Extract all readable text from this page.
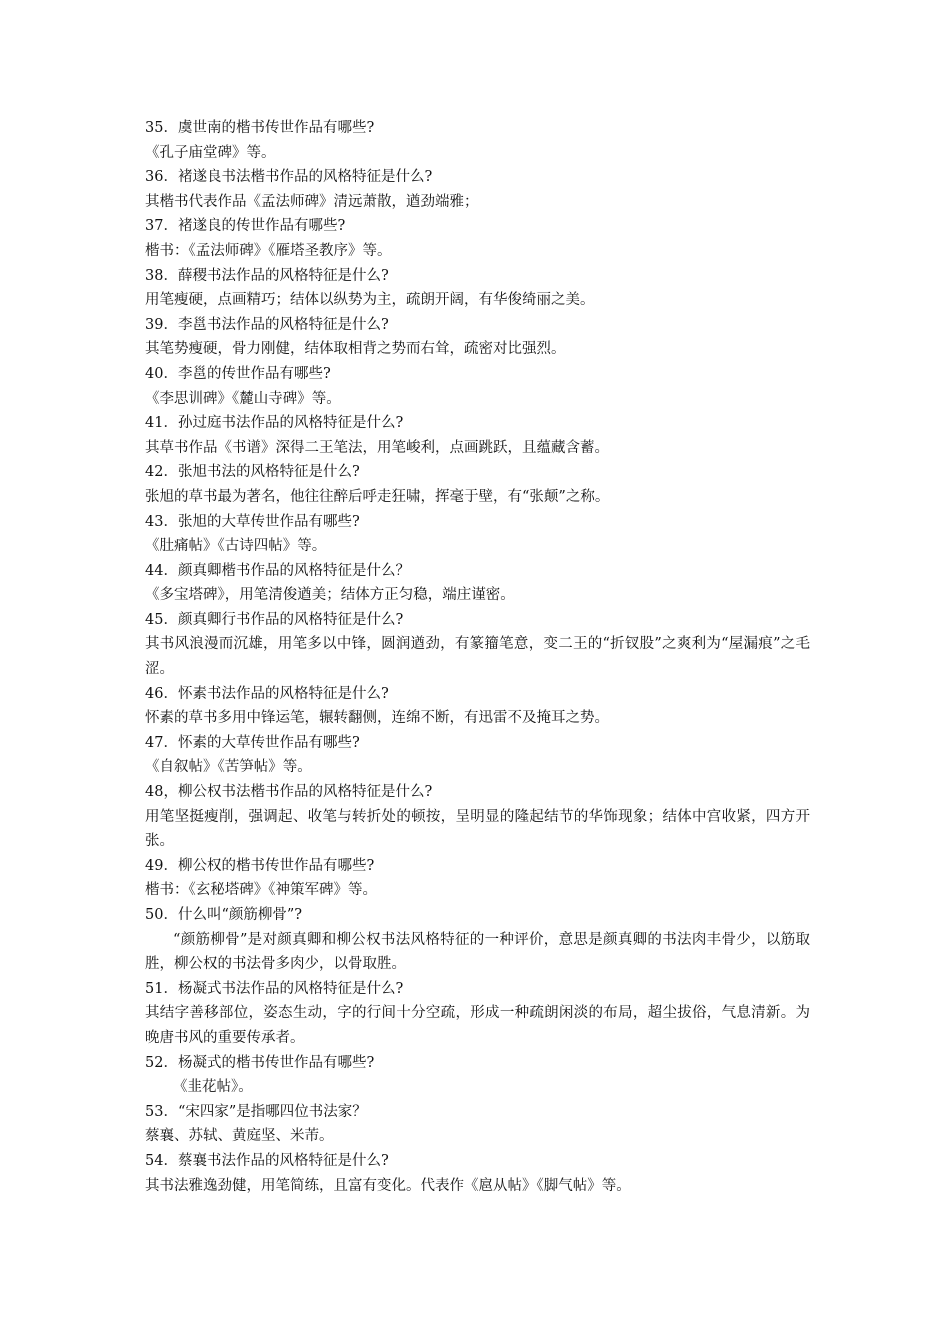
35．虞世南的楷书传世作品有哪些?
《孔子庙堂碑》等。
36．褚遂良书法楷书作品的风格特征是什么?
其楷书代表作品《孟法师碑》清远萧散，遒劲端雅；
37．褚遂良的传世作品有哪些?
楷书：《孟法师碑》《雁塔圣教序》等。
38．薛稷书法作品的风格特征是什么?
用笔瘦硬，点画精巧；结体以纵势为主，疏朗开阔，有华俊绮丽之美。
39．李邕书法作品的风格特征是什么?
其笔势瘦硬，骨力刚健，结体取相背之势而右耸，疏密对比强烈。
40．李邕的传世作品有哪些?
《李思训碑》《麓山寺碑》等。
41．孙过庭书法作品的风格特征是什么?
其草书作品《书谱》深得二王笔法，用笔峻利，点画跳跃，且蕴藏含蓄。
42．张旭书法的风格特征是什么?
张旭的草书最为著名，他往往醉后呼走狂啸，挥毫于壁，有“张颠”之称。
43．张旭的大草传世作品有哪些?
《肚痛帖》《古诗四帖》等。
44．颜真卿楷书作品的风格特征是什么？
《多宝塔碑》，用笔清俊遒美；结体方正匀稳，端庄谨密。
45．颜真卿行书作品的风格特征是什么?
其书风浪漫而沉雄，用笔多以中锋，圆润遒劲，有篆籀笔意，变二王的“折钗股”之爽利为“屋漏痕”之毛涩。
46．怀素书法作品的风格特征是什么?
怀素的草书多用中锋运笔，辗转翻侧，连绵不断，有迅雷不及掩耳之势。
47．怀素的大草传世作品有哪些?
《自叙帖》《苦笋帖》等。
48，柳公权书法楷书作品的风格特征是什么?
用笔坚挺瘦削，强调起、收笔与转折处的顿按，呈明显的隆起结节的华饰现象；结体中宫收紧，四方开张。
49．柳公权的楷书传世作品有哪些?
楷书：《玄秘塔碑》《神策军碑》等。
50．什么叫“颜筋柳骨”?
“颜筋柳骨”是对颜真卿和柳公权书法风格特征的一种评价，意思是颜真卿的书法肉丰骨少，以筋取胜，柳公权的书法骨多肉少，以骨取胜。
51．杨凝式书法作品的风格特征是什么?
其结字善移部位，姿态生动，字的行间十分空疏，形成一种疏朗闲淡的布局，超尘拔俗，气息清新。为晚唐书风的重要传承者。
52．杨凝式的楷书传世作品有哪些?
《韭花帖》。
53．“宋四家”是指哪四位书法家？
蔡襄、苏轼、黄庭坚、米芾。
54．蔡襄书法作品的风格特征是什么?
其书法雅逸劲健，用笔简练，且富有变化。代表作《扈从帖》《脚气帖》等。
